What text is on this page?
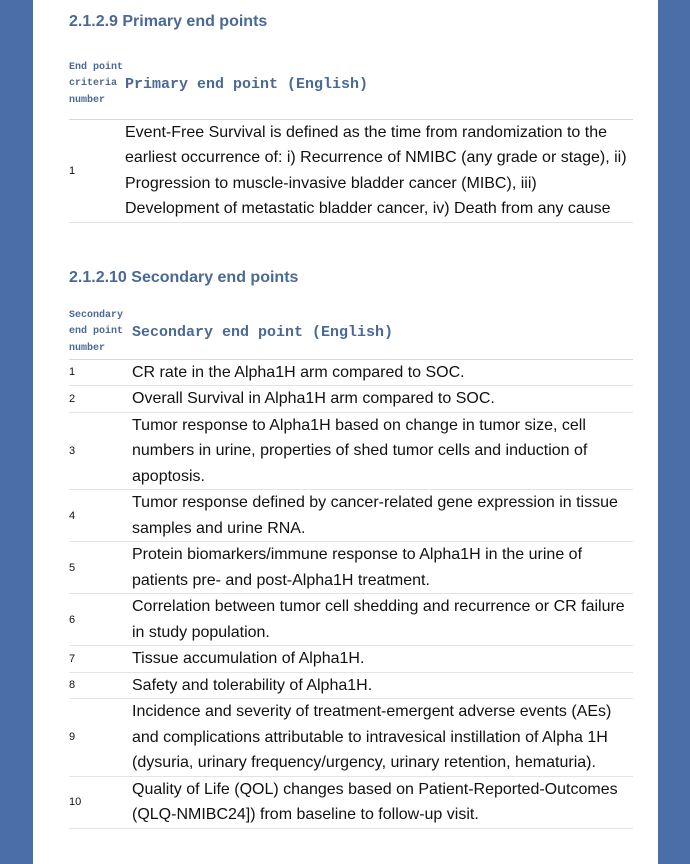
2.1.2.9 Primary end points
End point criteria number	Primary end point (English)
1	Event-Free Survival is defined as the time from randomization to the earliest occurrence of: i) Recurrence of NMIBC (any grade or stage), ii) Progression to muscle-invasive bladder cancer (MIBC), iii) Development of metastatic bladder cancer, iv) Death from any cause
2.1.2.10 Secondary end points
Secondary end point number	Secondary end point (English)
1	CR rate in the Alpha1H arm compared to SOC.
2	Overall Survival in Alpha1H arm compared to SOC.
3	Tumor response to Alpha1H based on change in tumor size, cell numbers in urine, properties of shed tumor cells and induction of apoptosis.
4	Tumor response defined by cancer-related gene expression in tissue samples and urine RNA.
5	Protein biomarkers/immune response to Alpha1H in the urine of patients pre- and post-Alpha1H treatment.
6	Correlation between tumor cell shedding and recurrence or CR failure in study population.
7	Tissue accumulation of Alpha1H.
8	Safety and tolerability of Alpha1H.
9	Incidence and severity of treatment-emergent adverse events (AEs) and complications attributable to intravesical instillation of Alpha 1H (dysuria, urinary frequency/urgency, urinary retention, hematuria).
10	Quality of Life (QOL) changes based on Patient-Reported-Outcomes (QLQ-NMIBC24]) from baseline to follow-up visit.
